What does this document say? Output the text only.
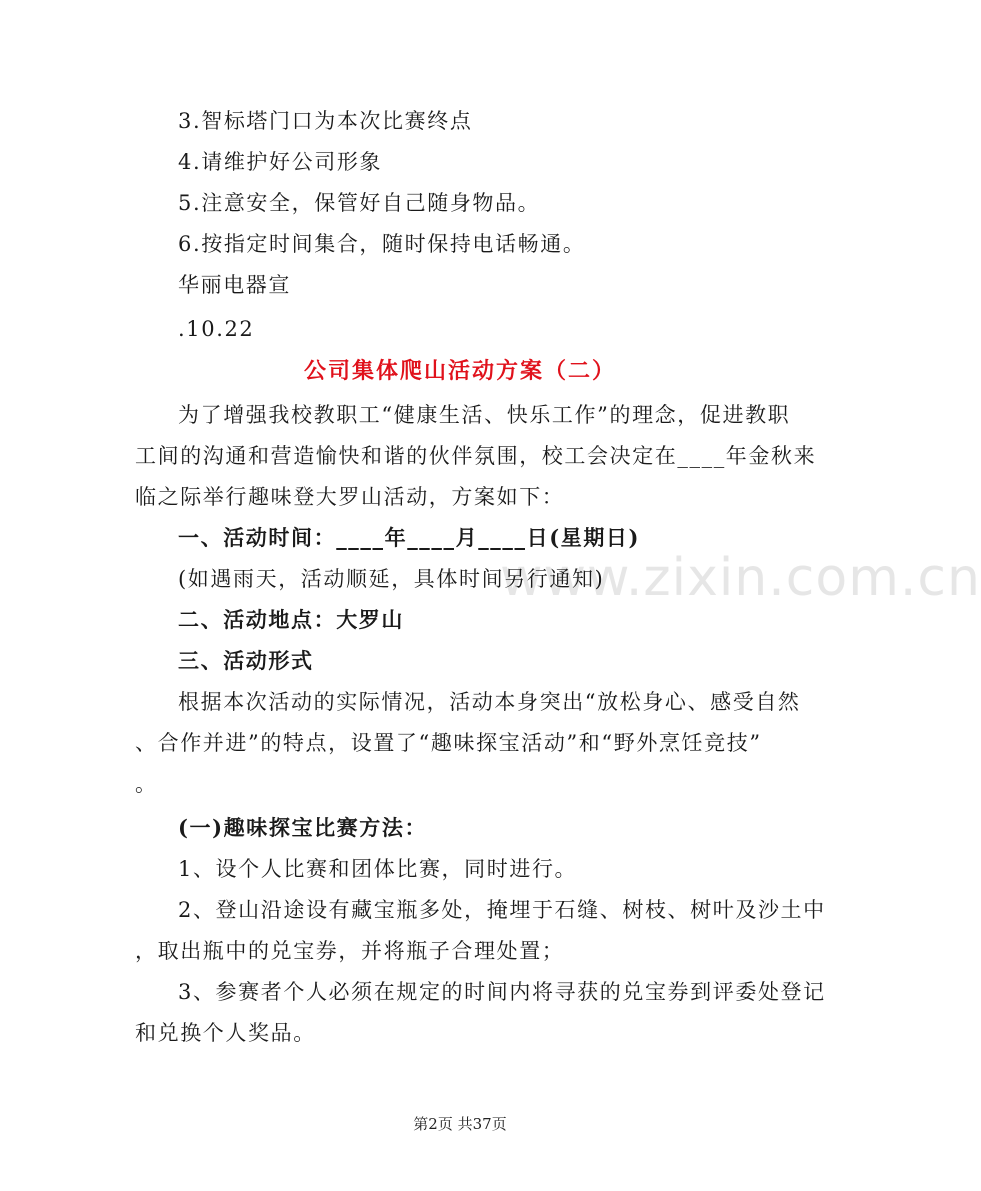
www.zixin.com.cn
3.智标塔门口为本次比赛终点
4.请维护好公司形象
5.注意安全，保管好自己随身物品。
6.按指定时间集合，随时保持电话畅通。
华丽电器宣
.10.22
公司集体爬山活动方案（二）
为了增强我校教职工“健康生活、快乐工作”的理念，促进教职
工间的沟通和营造愉快和谐的伙伴氛围，校工会决定在____年金秋来
临之际举行趣味登大罗山活动，方案如下：
一、活动时间：____年____月____日(星期日)
(如遇雨天，活动顺延，具体时间另行通知)
二、活动地点：大罗山
三、活动形式
根据本次活动的实际情况，活动本身突出“放松身心、感受自然
、合作并进”的特点，设置了“趣味探宝活动”和“野外烹饪竞技”
。
(一)趣味探宝比赛方法：
1、设个人比赛和团体比赛，同时进行。
2、登山沿途设有藏宝瓶多处，掩埋于石缝、树枝、树叶及沙土中
，取出瓶中的兑宝券，并将瓶子合理处置；
3、参赛者个人必须在规定的时间内将寻获的兑宝券到评委处登记
和兑换个人奖品。
第2页 共37页
